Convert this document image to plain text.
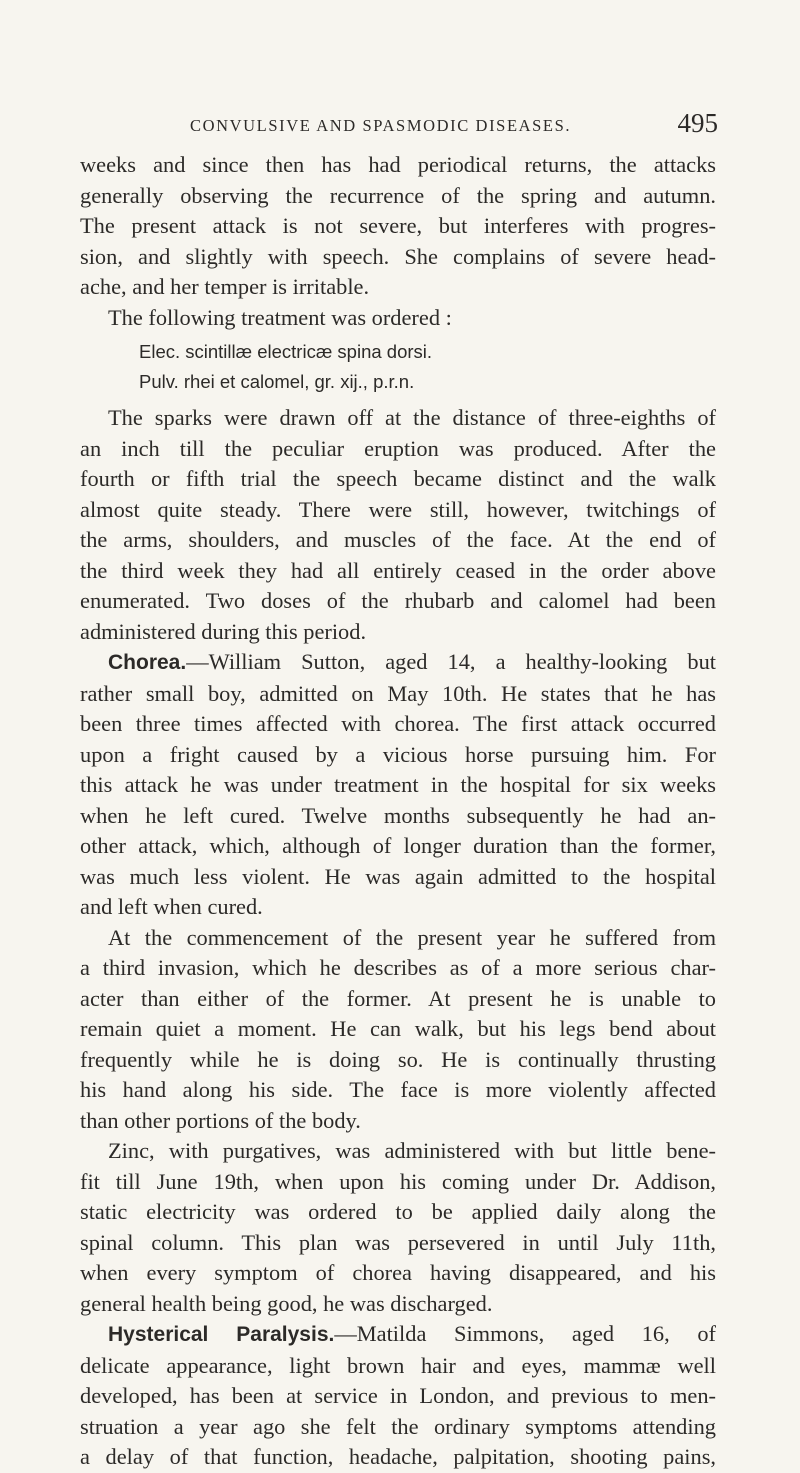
CONVULSIVE AND SPASMODIC DISEASES.	495
weeks and since then has had periodical returns, the attacks
generally observing the recurrence of the spring and autumn.
The present attack is not severe, but interferes with progres-
sion, and slightly with speech. She complains of severe head-
ache, and her temper is irritable.
The following treatment was ordered :
Elec. scintillæ electricæ spina dorsi.
Pulv. rhei et calomel, gr. xij., p.r.n.
The sparks were drawn off at the distance of three-eighths of
an inch till the peculiar eruption was produced. After the
fourth or fifth trial the speech became distinct and the walk
almost quite steady. There were still, however, twitchings of
the arms, shoulders, and muscles of the face. At the end of
the third week they had all entirely ceased in the order above
enumerated. Two doses of the rhubarb and calomel had been
administered during this period.
Chorea.—William Sutton, aged 14, a healthy-looking but
rather small boy, admitted on May 10th. He states that he has
been three times affected with chorea. The first attack occurred
upon a fright caused by a vicious horse pursuing him. For
this attack he was under treatment in the hospital for six weeks
when he left cured. Twelve months subsequently he had an-
other attack, which, although of longer duration than the former,
was much less violent. He was again admitted to the hospital
and left when cured.
At the commencement of the present year he suffered from
a third invasion, which he describes as of a more serious char-
acter than either of the former. At present he is unable to
remain quiet a moment. He can walk, but his legs bend about
frequently while he is doing so. He is continually thrusting
his hand along his side. The face is more violently affected
than other portions of the body.
Zinc, with purgatives, was administered with but little bene-
fit till June 19th, when upon his coming under Dr. Addison,
static electricity was ordered to be applied daily along the
spinal column. This plan was persevered in until July 11th,
when every symptom of chorea having disappeared, and his
general health being good, he was discharged.
Hysterical Paralysis.—Matilda Simmons, aged 16, of
delicate appearance, light brown hair and eyes, mammæ well
developed, has been at service in London, and previous to men-
struation a year ago she felt the ordinary symptoms attending
a delay of that function, headache, palpitation, shooting pains,
